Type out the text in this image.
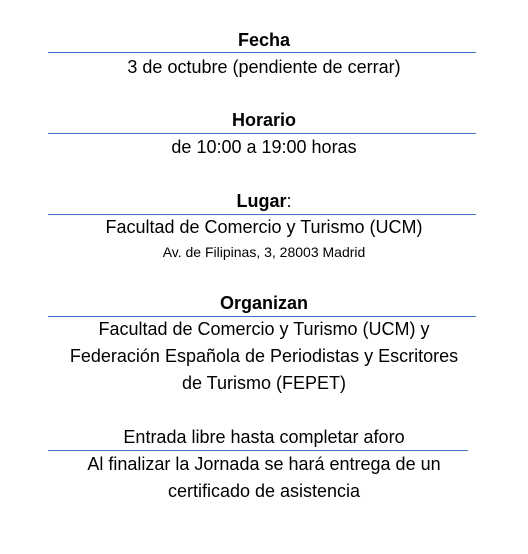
Fecha
3 de octubre (pendiente de cerrar)
Horario
de 10:00 a 19:00 horas
Lugar:
Facultad de Comercio y Turismo (UCM)
Av. de Filipinas, 3, 28003 Madrid
Organizan
Facultad de Comercio y Turismo (UCM) y
Federación Española de Periodistas y Escritores
de Turismo (FEPET)
Entrada libre hasta completar aforo
Al finalizar la Jornada se hará entrega de un
certificado de asistencia
